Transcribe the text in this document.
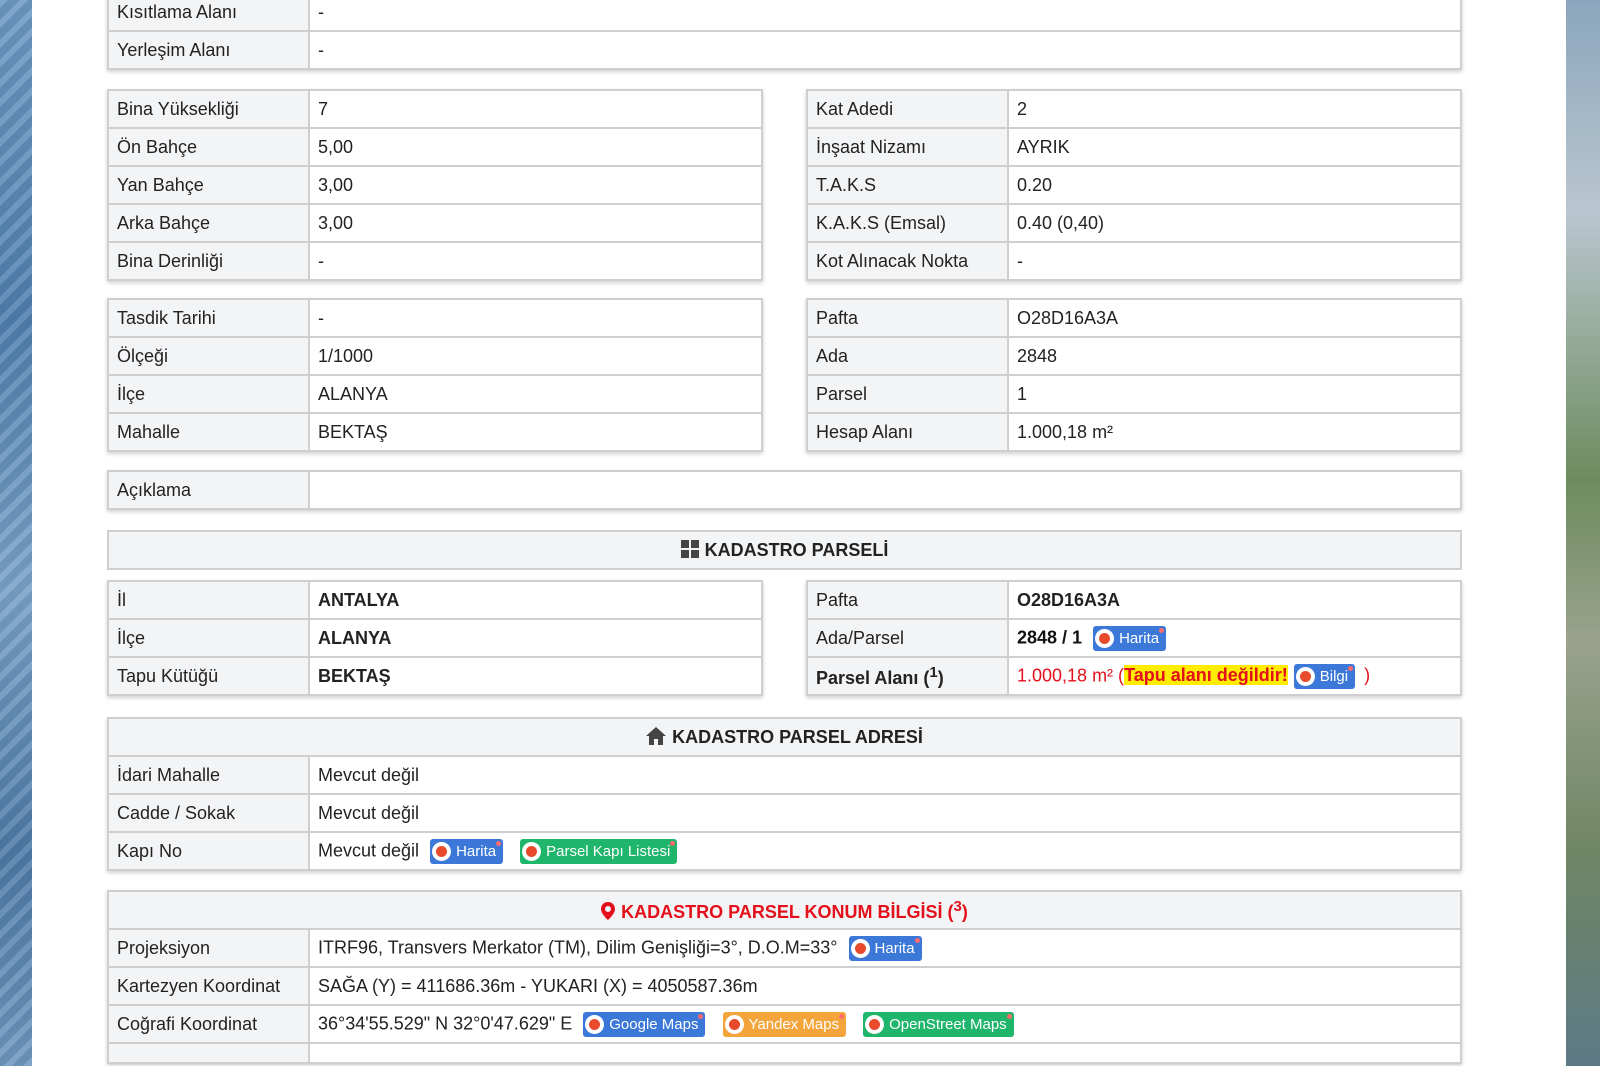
Kısıtlama Alanı	-
Yerleşim Alanı	-
Bina Yüksekliği	7
Ön Bahçe	5,00
Yan Bahçe	3,00
Arka Bahçe	3,00
Bina Derinliği	-
Kat Adedi	2
İnşaat Nizamı	AYRIK
T.A.K.S	0.20
K.A.K.S (Emsal)	0.40 (0,40)
Kot Alınacak Nokta	-
Tasdik Tarihi	-
Ölçeği	1/1000
İlçe	ALANYA
Mahalle	BEKTAŞ
Pafta	O28D16A3A
Ada	2848
Parsel	1
Hesap Alanı	1.000,18 m²
Açıklama	
KADASTRO PARSELİ
İl	ANTALYA
İlçe	ALANYA
Tapu Kütüğü	BEKTAŞ
Pafta	O28D16A3A
Ada/Parsel	2848 / 1 Harita

Parsel Alanı ($^1$)	1.000,18 m² (Tapu alanı değildir! Bilgi )
KADASTRO PARSEL ADRESİ	
İdari Mahalle	Mevcut değil
Cadde / Sokak	Mevcut değil
Kapı No	Mevcut değil Harita
Parsel Kapı Listesi
KADASTRO PARSEL KONUM BİLGİSİ ($^3$)	
Projeksiyon	ITRF96, Transvers Merkator (TM), Dilim Genişliği=3°, D.O.M=33° Harita

Kartezyen Koordinat	SAĞA (Y) = 411686.36m - YUKARI (X) = 4050587.36m
Coğrafi Koordinat	36°34'55.529" N 32°0'47.629" E Google Maps
Yandex Maps
OpenStreet Maps
